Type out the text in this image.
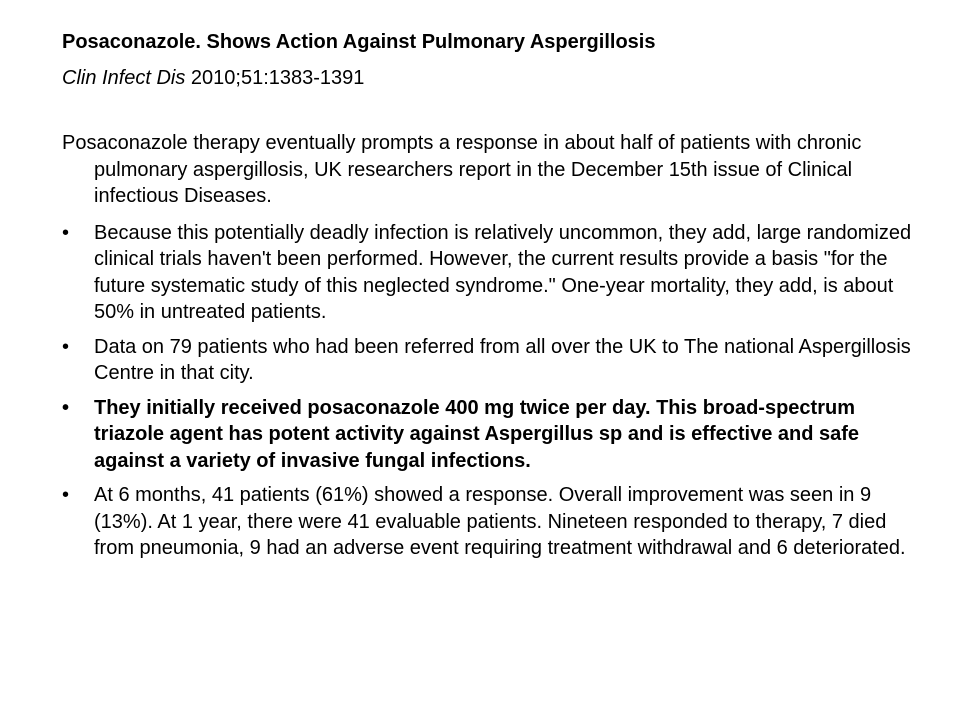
Posaconazole. Shows Action Against Pulmonary Aspergillosis
Clin Infect Dis 2010;51:1383-1391

Posaconazole therapy eventually prompts a response in about half of patients with chronic pulmonary aspergillosis, UK researchers report in the December 15th issue of Clinical infectious Diseases.

• Because this potentially deadly infection is relatively uncommon, they add, large randomized clinical trials haven't been performed. However, the current results provide a basis "for the future systematic study of this neglected syndrome." One-year mortality, they add, is about 50% in untreated patients.
• Data on 79 patients who had been referred from all over the UK to The national Aspergillosis Centre in that city.
• They initially received posaconazole 400 mg twice per day. This broad-spectrum triazole agent has potent activity against Aspergillus sp and is effective and safe against a variety of invasive fungal infections.
• At 6 months, 41 patients (61%) showed a response. Overall improvement was seen in 9 (13%). At 1 year, there were 41 evaluable patients. Nineteen responded to therapy, 7 died from pneumonia, 9 had an adverse event requiring treatment withdrawal and 6 deteriorated.
